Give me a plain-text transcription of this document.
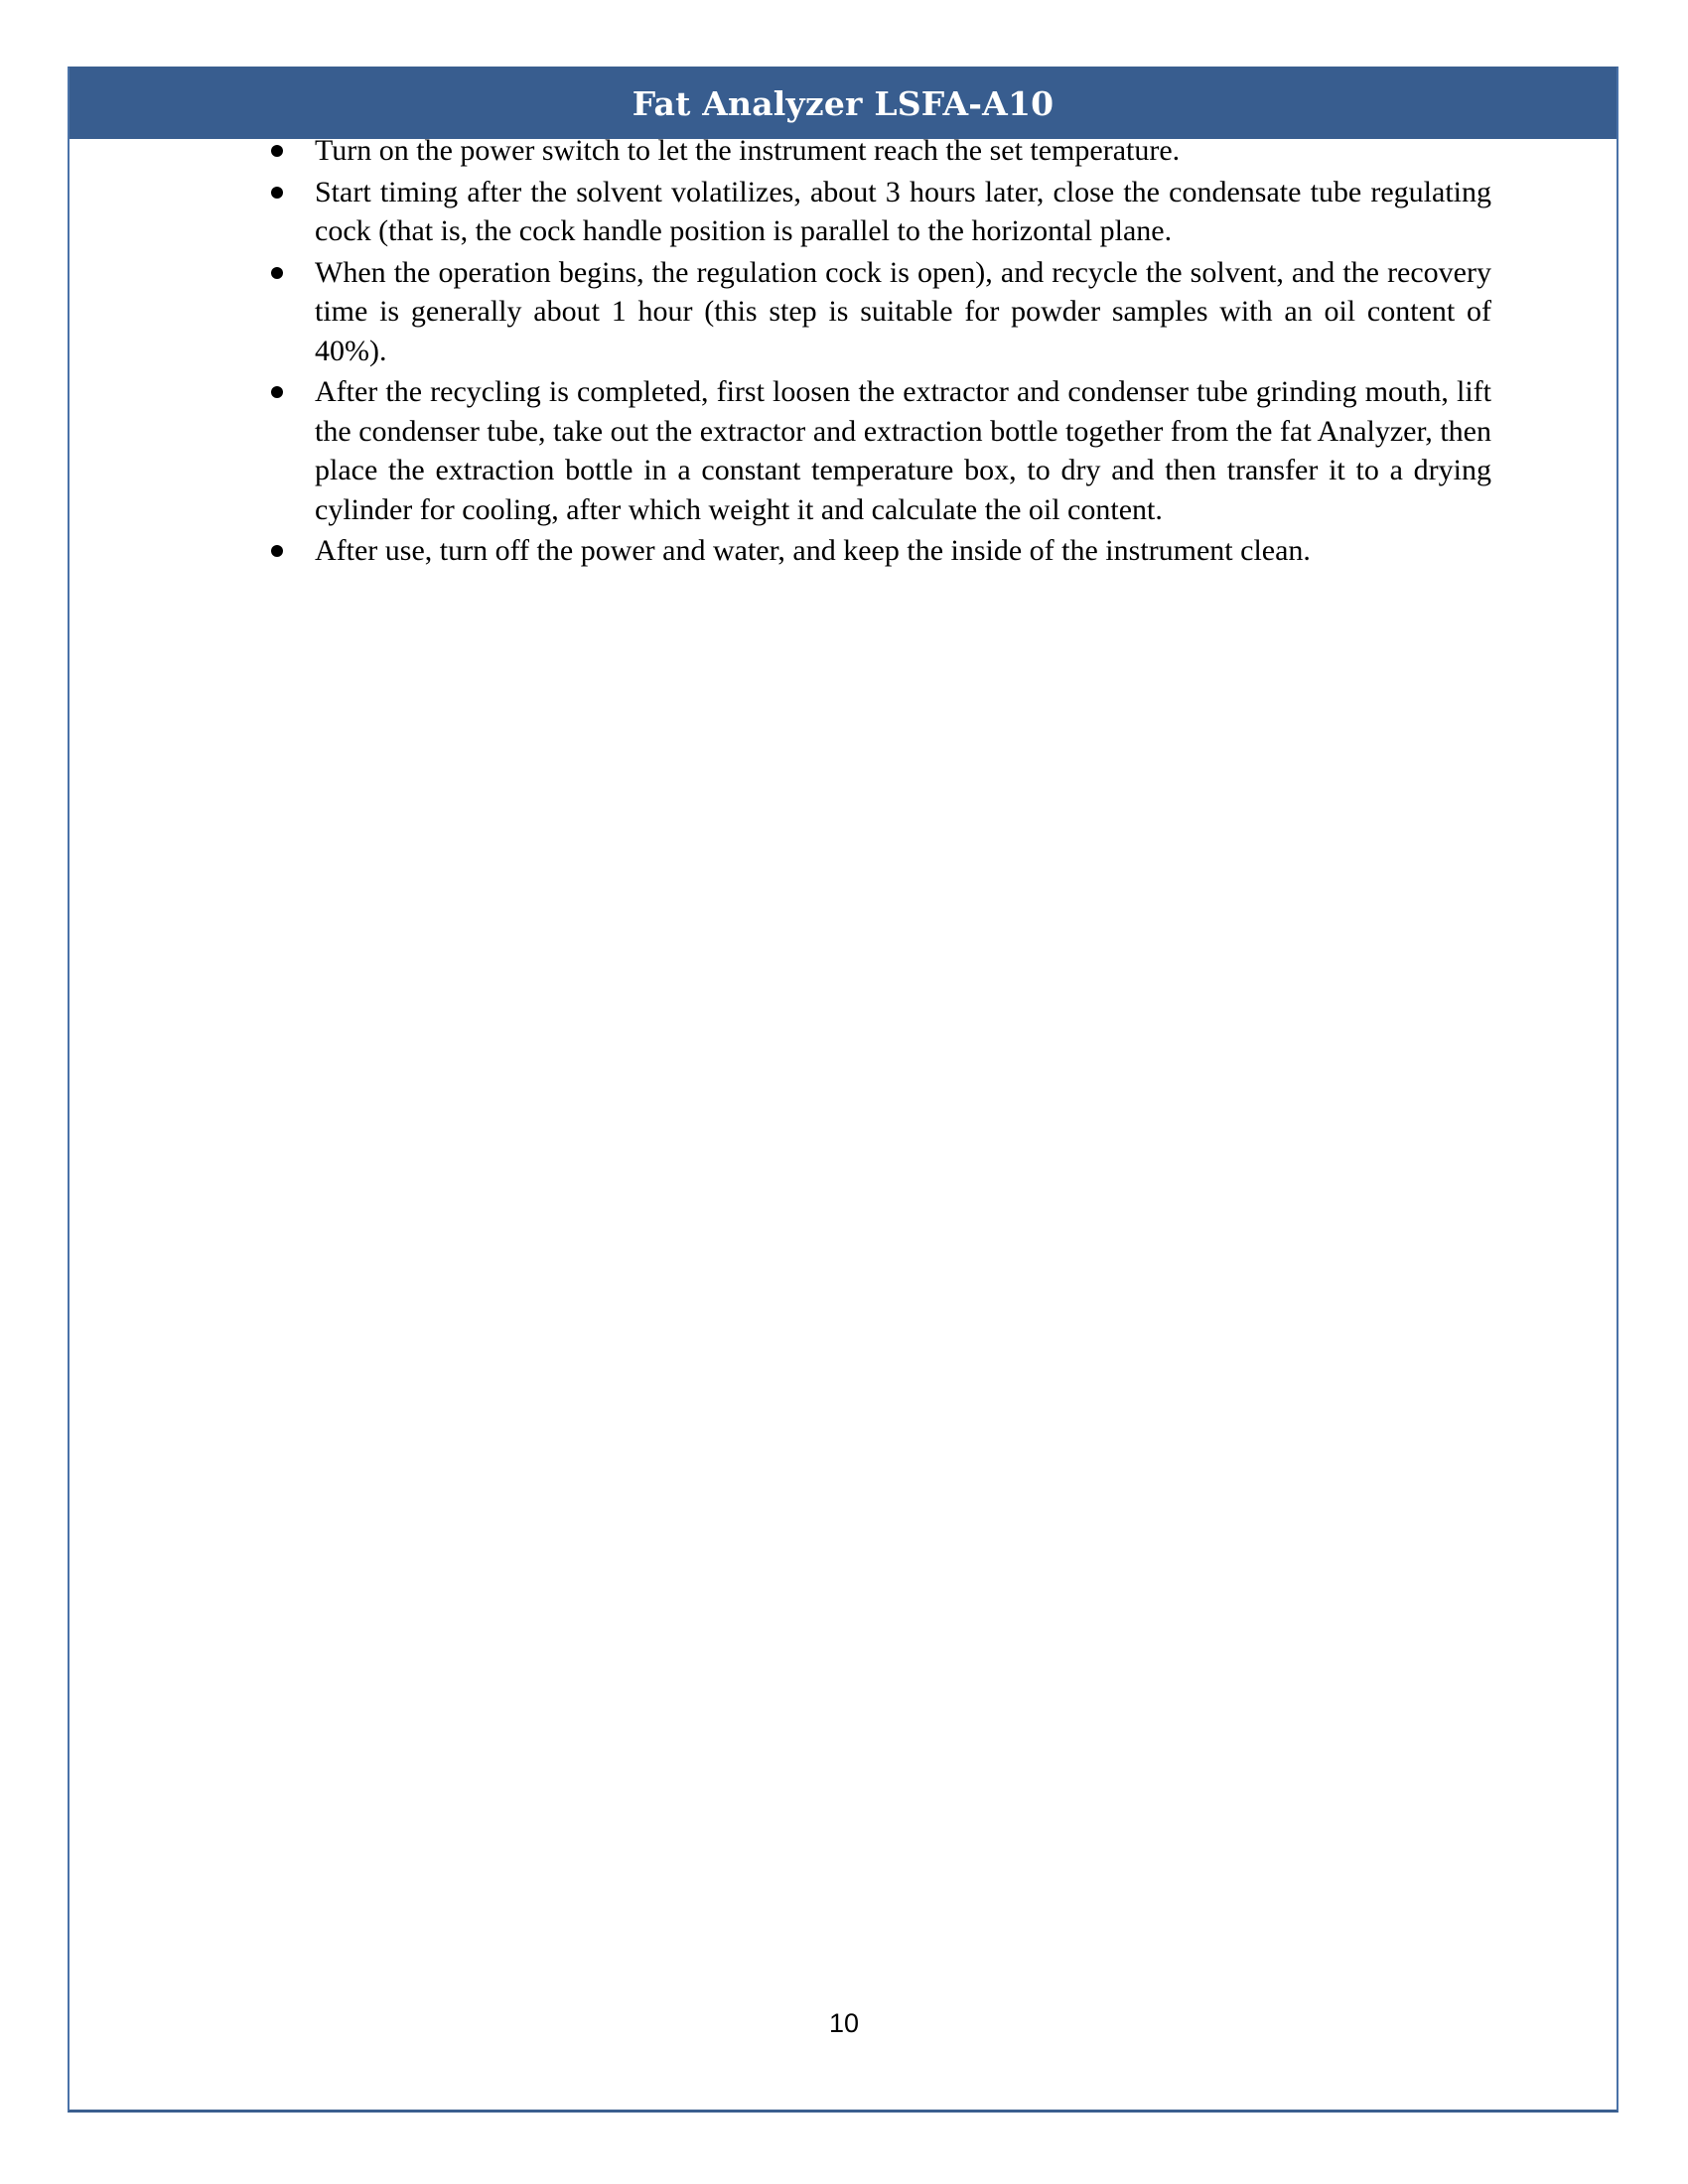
Fat Analyzer LSFA-A10
Turn on the power switch to let the instrument reach the set temperature.
Start timing after the solvent volatilizes, about 3 hours later, close the condensate tube regulating cock (that is, the cock handle position is parallel to the horizontal plane.
When the operation begins, the regulation cock is open), and recycle the solvent, and the recovery time is generally about 1 hour (this step is suitable for powder samples with an oil content of 40%).
After the recycling is completed, first loosen the extractor and condenser tube grinding mouth, lift the condenser tube, take out the extractor and extraction bottle together from the fat Analyzer, then place the extraction bottle in a constant temperature box, to dry and then transfer it to a drying cylinder for cooling, after which weight it and calculate the oil content.
After use, turn off the power and water, and keep the inside of the instrument clean.
10
